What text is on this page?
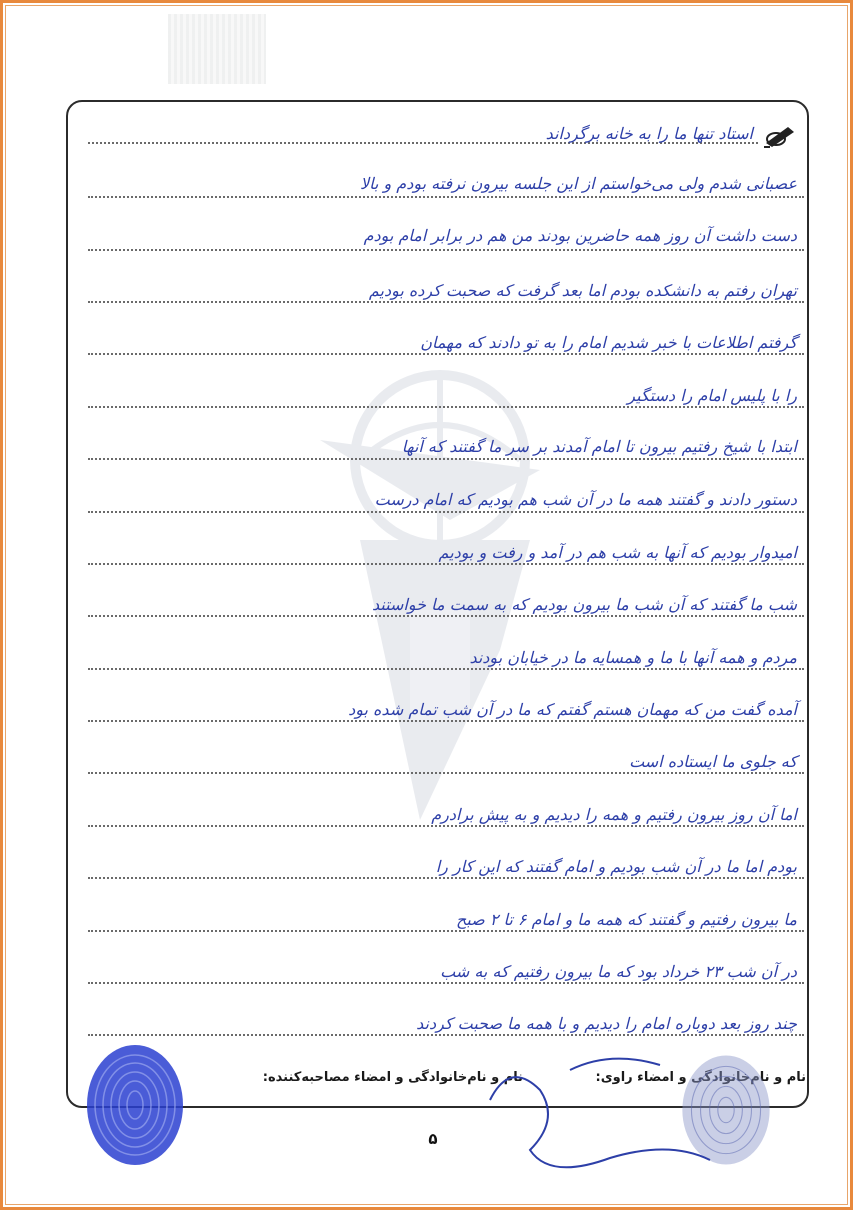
استاد تنها ما را به خانه برگرداند
عصبانی شدم ولی می‌خواستم از این جلسه بیرون نرفته بودم و بالا
دست داشت آن روز همه حاضرین بودند من هم در برابر امام بودم
تهران رفتم به دانشکده بودم اما بعد گرفت که صحبت کرده بودیم
گرفتم اطلاعات با خبر شدیم امام را به تو دادند که مهمان
را با پلیس امام را دستگیر
ابتدا با شیخ رفتیم بیرون تا امام آمدند بر سر ما گفتند که آنها
دستور دادند و گفتند همه ما در آن شب هم بودیم که امام درست
امیدوار بودیم که آنها به شب هم در آمد و رفت و بودیم
شب ما گفتند که آن شب ما بیرون بودیم که به سمت ما خواستند
مردم و همه آنها با ما و همسایه ما در خیابان بودند
آمده گفت من که مهمان هستم گفتم که ما در آن شب تمام شده بود
که جلوی ما ایستاده است
اما آن روز بیرون رفتیم و همه را دیدیم و به پیش برادرم
بودم اما ما در آن شب بودیم و امام گفتند که این کار را
ما بیرون رفتیم و گفتند که همه ما و امام ۶ تا ۲ صبح
در آن شب ۲۳ خرداد بود که ما بیرون رفتیم که به شب
چند روز بعد دوباره امام را دیدیم و با همه ما صحبت کردند
نام و نام‌خانوادگی و امضاء راوی:
نام و نام‌خانوادگی و امضاء مصاحبه‌کننده:
۵
